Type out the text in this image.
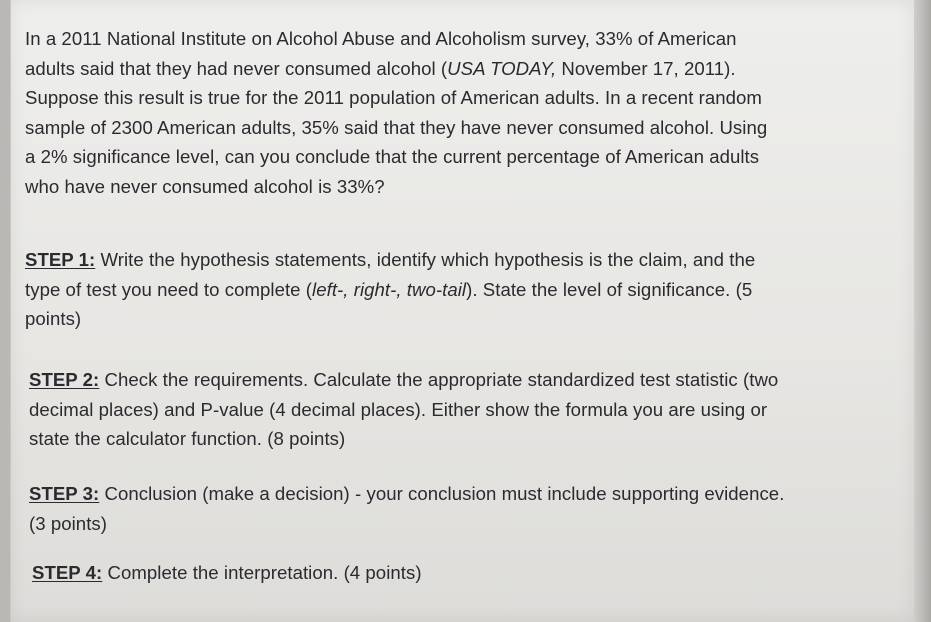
In a 2011 National Institute on Alcohol Abuse and Alcoholism survey, 33% of American
adults said that they had never consumed alcohol (USA TODAY, November 17, 2011).
Suppose this result is true for the 2011 population of American adults. In a recent random
sample of 2300 American adults, 35% said that they have never consumed alcohol. Using
a 2% significance level, can you conclude that the current percentage of American adults
who have never consumed alcohol is 33%?
STEP 1: Write the hypothesis statements, identify which hypothesis is the claim, and the
type of test you need to complete (left-, right-, two-tail). State the level of significance. (5
points)
STEP 2: Check the requirements. Calculate the appropriate standardized test statistic (two
decimal places) and P-value (4 decimal places). Either show the formula you are using or
state the calculator function. (8 points)
STEP 3: Conclusion (make a decision) - your conclusion must include supporting evidence.
(3 points)
STEP 4: Complete the interpretation. (4 points)
